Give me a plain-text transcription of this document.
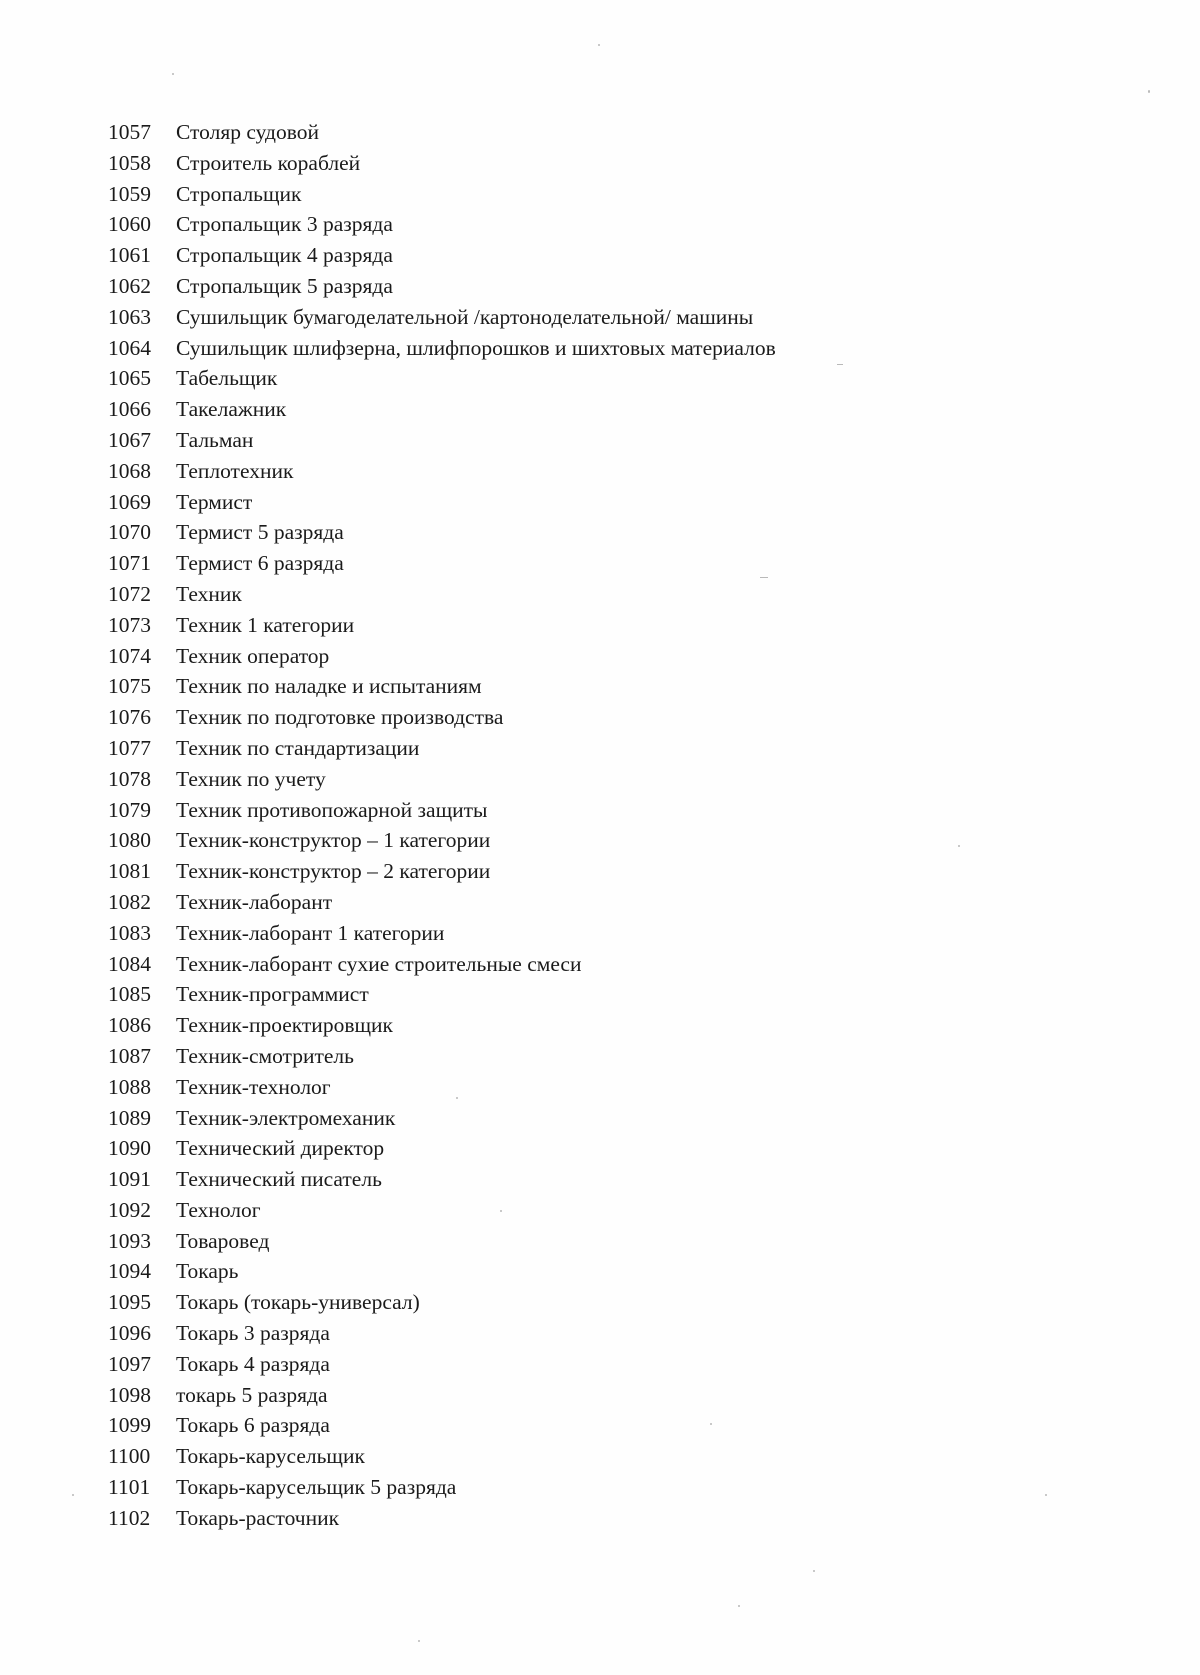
1057	Столяр судовой
1058	Строитель кораблей
1059	Стропальщик
1060	Стропальщик 3 разряда
1061	Стропальщик 4 разряда
1062	Стропальщик 5 разряда
1063	Сушильщик бумагоделательной /картоноделательной/ машины
1064	Сушильщик шлифзерна, шлифпорошков и шихтовых материалов
1065	Табельщик
1066	Такелажник
1067	Тальман
1068	Теплотехник
1069	Термист
1070	Термист 5 разряда
1071	Термист 6 разряда
1072	Техник
1073	Техник 1 категории
1074	Техник оператор
1075	Техник по наладке и испытаниям
1076	Техник по подготовке производства
1077	Техник по стандартизации
1078	Техник по учету
1079	Техник противопожарной защиты
1080	Техник-конструктор – 1 категории
1081	Техник-конструктор – 2 категории
1082	Техник-лаборант
1083	Техник-лаборант 1 категории
1084	Техник-лаборант сухие строительные смеси
1085	Техник-программист
1086	Техник-проектировщик
1087	Техник-смотритель
1088	Техник-технолог
1089	Техник-электромеханик
1090	Технический директор
1091	Технический писатель
1092	Технолог
1093	Товаровед
1094	Токарь
1095	Токарь (токарь-универсал)
1096	Токарь 3 разряда
1097	Токарь 4 разряда
1098	токарь 5 разряда
1099	Токарь 6 разряда
1100	Токарь-карусельщик
1101	Токарь-карусельщик 5 разряда
1102	Токарь-расточник
